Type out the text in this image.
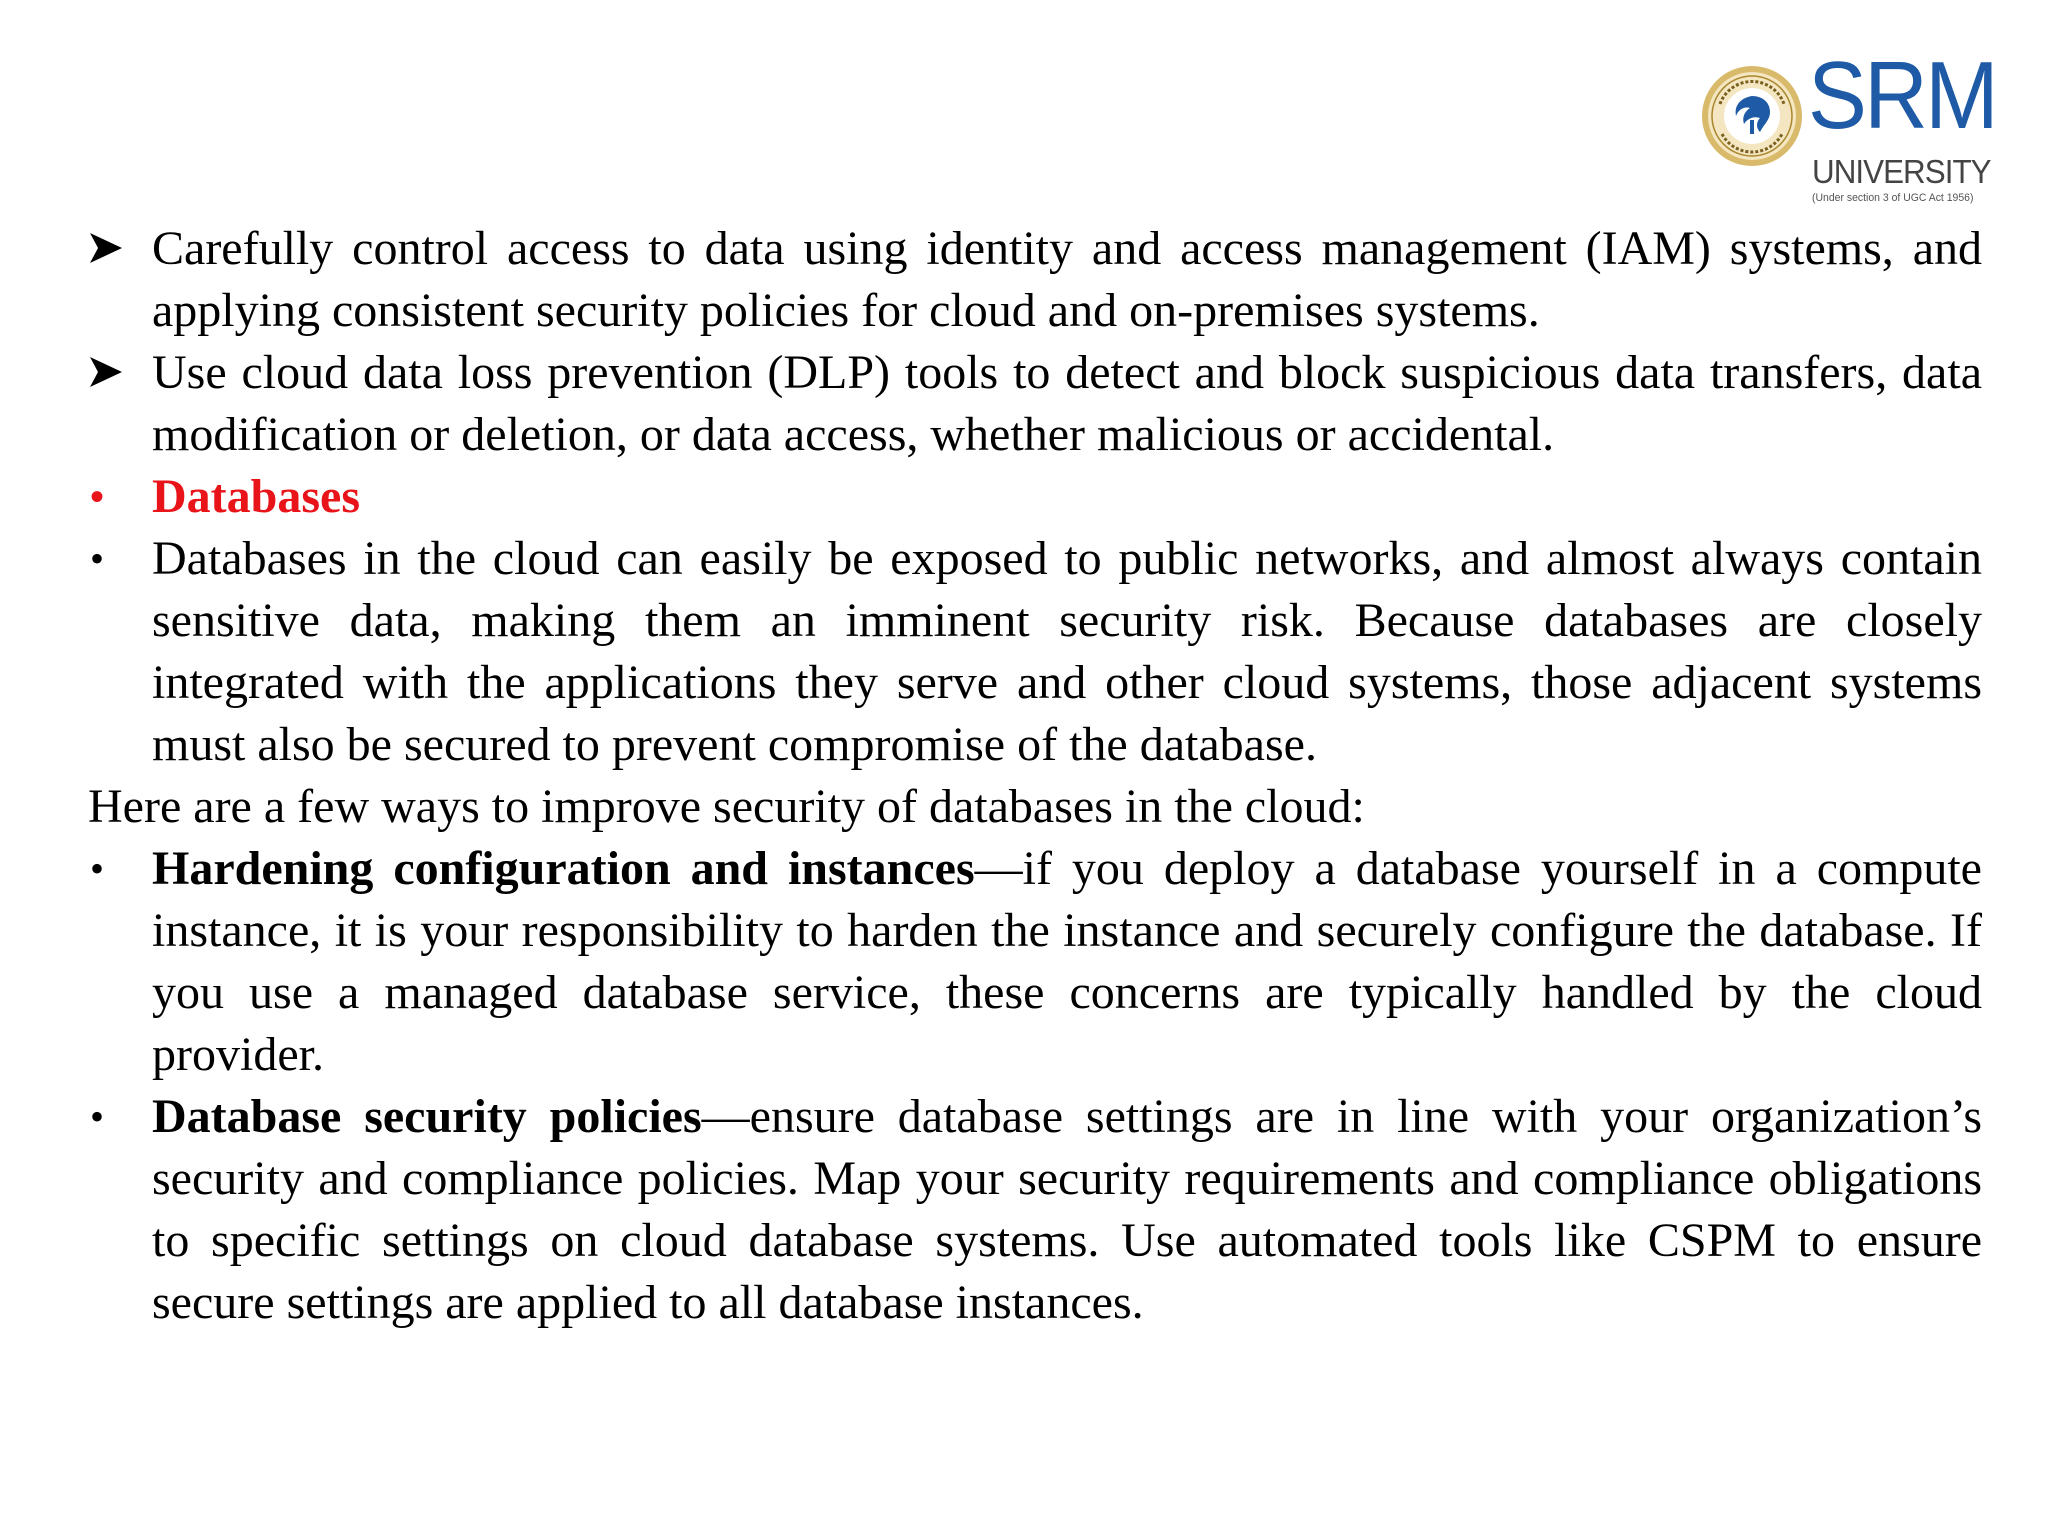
SRM
UNIVERSITY
(Under section 3 of UGC Act 1956)
Carefully control access to data using identity and access management (IAM) systems, and applying consistent security policies for cloud and on-premises systems.
Use cloud data loss prevention (DLP) tools to detect and block suspicious data transfers, data modification or deletion, or data access, whether malicious or accidental.
• Databases
• Databases in the cloud can easily be exposed to public networks, and almost always contain sensitive data, making them an imminent security risk. Because databases are closely integrated with the applications they serve and other cloud systems, those adjacent systems must also be secured to prevent compromise of the database.
Here are a few ways to improve security of databases in the cloud:
• Hardening configuration and instances—if you deploy a database yourself in a compute instance, it is your responsibility to harden the instance and securely configure the database. If you use a managed database service, these concerns are typically handled by the cloud provider.
• Database security policies—ensure database settings are in line with your organization’s security and compliance policies. Map your security requirements and compliance obligations to specific settings on cloud database systems. Use automated tools like CSPM to ensure secure settings are applied to all database instances.
